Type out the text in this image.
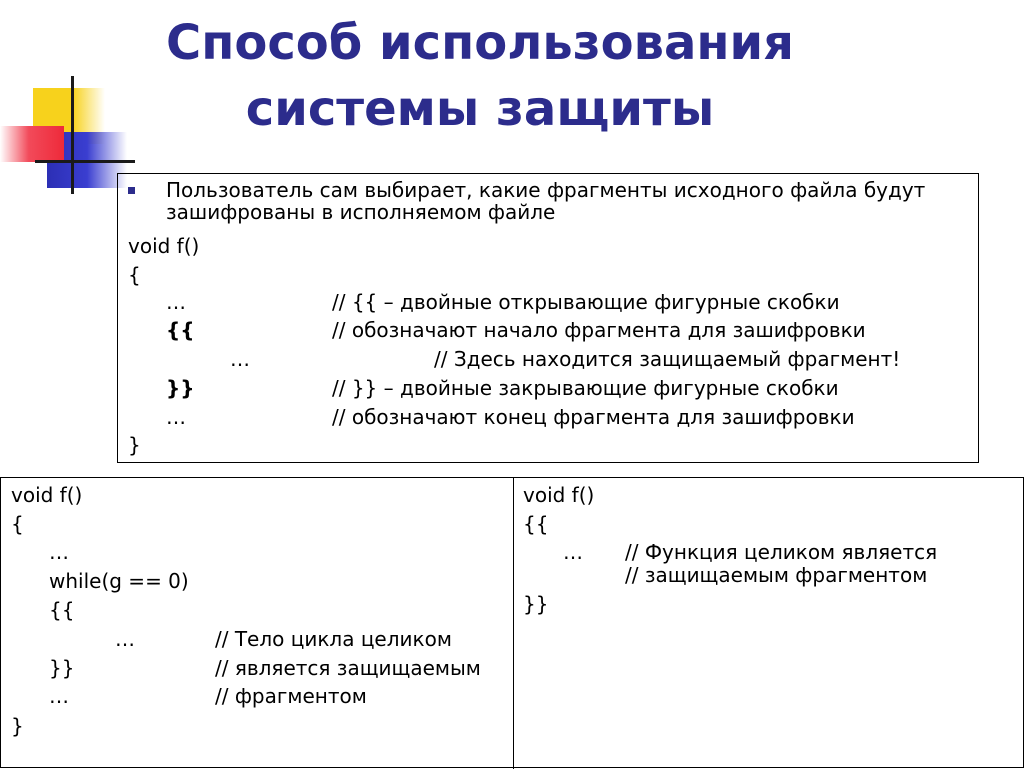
Способ использования
системы защиты
Пользователь сам выбирает, какие фрагменты исходного файла будут зашифрованы в исполняемом файле
void f()
{
…	// {{ – двойные открывающие фигурные скобки
{{	// обозначают начало фрагмента для зашифровки
…	// Здесь находится защищаемый фрагмент!
}}	// }} – двойные закрывающие фигурные скобки
…	// обозначают конец фрагмента для зашифровки
}
void f()
{
…
while(g == 0)
{{
…	// Тело цикла целиком
}}	// является защищаемым
…	// фрагментом
}
void f()
{{
… // Функция целиком является
// защищаемым фрагментом
}}
